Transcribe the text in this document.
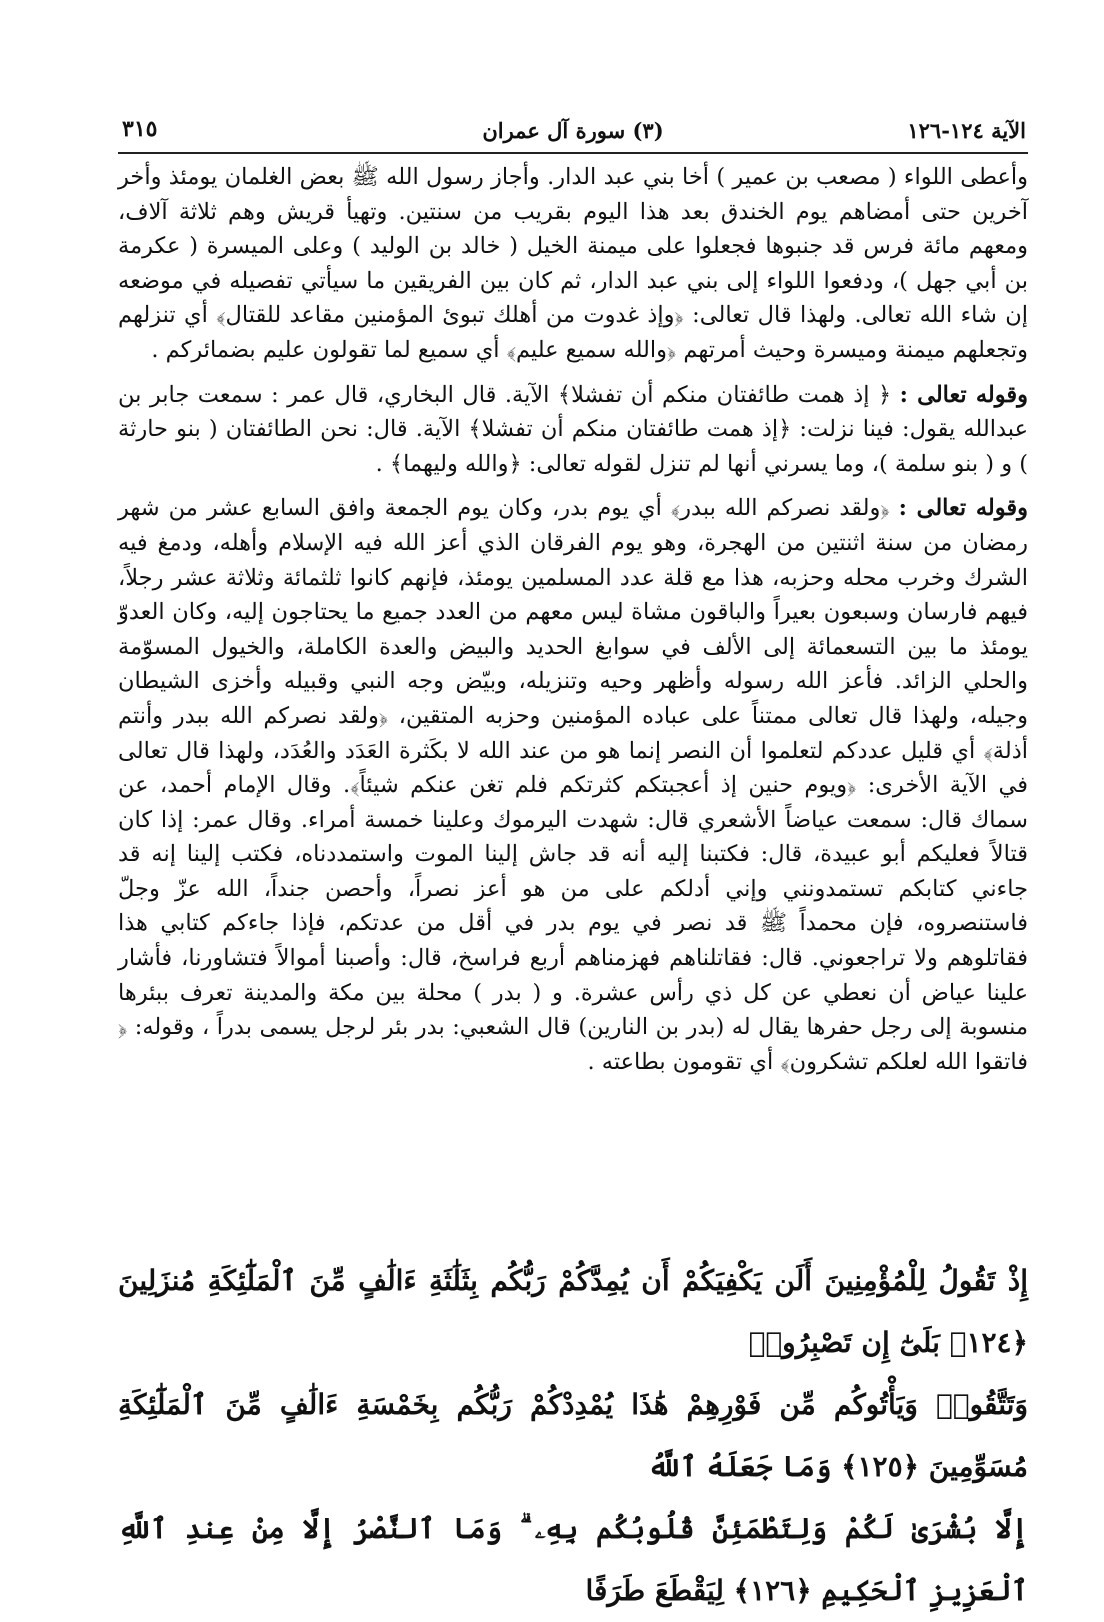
٣١٥	(٣) سورة آل عمران	الآية ١٢٤-١٢٦

وأعطى اللواء ( مصعب بن عمير ) أخا بني عبد الدار. وأجاز رسول الله ﷺ بعض الغلمان يومئذ وأخر آخرين حتى أمضاهم يوم الخندق بعد هذا اليوم بقريب من سنتين. وتهيأ قريش وهم ثلاثة آلاف، ومعهم مائة فرس قد جنبوها فجعلوا على ميمنة الخيل ( خالد بن الوليد ) وعلى الميسرة ( عكرمة بن أبي جهل )، ودفعوا اللواء إلى بني عبد الدار، ثم كان بين الفريقين ما سيأتي تفصيله في موضعه إن شاء الله تعالى. ولهذا قال تعالى: ﴿وإذ غدوت من أهلك تبوئ المؤمنين مقاعد للقتال﴾ أي تنزلهم وتجعلهم ميمنة وميسرة وحيث أمرتهم ﴿والله سميع عليم﴾ أي سميع لما تقولون عليم بضمائركم .

وقوله تعالى : ﴿ إذ همت طائفتان منكم أن تفشلا﴾ الآية. قال البخاري، قال عمر : سمعت جابر بن عبدالله يقول: فينا نزلت: ﴿إذ همت طائفتان منكم أن تفشلا﴾ الآية. قال: نحن الطائفتان ( بنو حارثة ) و ( بنو سلمة )، وما يسرني أنها لم تنزل لقوله تعالى: ﴿والله وليهما﴾ .

وقوله تعالى : ﴿ولقد نصركم الله ببدر﴾ أي يوم بدر، وكان يوم الجمعة وافق السابع عشر من شهر رمضان من سنة اثنتين من الهجرة، وهو يوم الفرقان الذي أعز الله فيه الإسلام وأهله، ودمغ فيه الشرك وخرب محله وحزبه، هذا مع قلة عدد المسلمين يومئذ، فإنهم كانوا ثلثمائة وثلاثة عشر رجلاً، فيهم فارسان وسبعون بعيراً والباقون مشاة ليس معهم من العدد جميع ما يحتاجون إليه، وكان العدوّ يومئذ ما بين التسعمائة إلى الألف في سوابغ الحديد والبيض والعدة الكاملة، والخيول المسوّمة والحلي الزائد. فأعز الله رسوله وأظهر وحيه وتنزيله، وبيّض وجه النبي وقبيله وأخزى الشيطان وجيله، ولهذا قال تعالى ممتناً على عباده المؤمنين وحزبه المتقين، ﴿ولقد نصركم الله ببدر وأنتم أذلة﴾ أي قليل عددكم لتعلموا أن النصر إنما هو من عند الله لا بكَثرة العَدَد والعُدَد، ولهذا قال تعالى في الآية الأخرى: ﴿ويوم حنين إذ أعجبتكم كثرتكم فلم تغن عنكم شيئاً﴾. وقال الإمام أحمد، عن سماك قال: سمعت عياضاً الأشعري قال: شهدت اليرموك وعلينا خمسة أمراء. وقال عمر: إذا كان قتالاً فعليكم أبو عبيدة، قال: فكتبنا إليه أنه قد جاش إلينا الموت واستمددناه، فكتب إلينا إنه قد جاءني كتابكم تستمدونني وإني أدلكم على من هو أعز نصراً، وأحصن جنداً، الله عزّ وجلّ فاستنصروه، فإن محمداً ﷺ قد نصر في يوم بدر في أقل من عدتكم، فإذا جاءكم كتابي هذا فقاتلوهم ولا تراجعوني. قال: فقاتلناهم فهزمناهم أربع فراسخ، قال: وأصبنا أموالاً فتشاورنا، فأشار علينا عياض أن نعطي عن كل ذي رأس عشرة. و ( بدر ) محلة بين مكة والمدينة تعرف ببئرها منسوبة إلى رجل حفرها يقال له (بدر بن النارين) قال الشعبي: بدر بئر لرجل يسمى بدراً ، وقوله: ﴿ فاتقوا الله لعلكم تشكرون﴾ أي تقومون بطاعته .

إِذْ تَقُولُ لِلْمُؤْمِنِينَ أَلَن يَكْفِيَكُمْ أَن يُمِدَّكُمْ رَبُّكُم بِثَلَٰثَةِ ءَالَٰفٍ مِّنَ ٱلْمَلَٰٓئِكَةِ مُنزَلِينَ ﴿١٢٤﴾ بَلَىٰٓ إِن تَصْبِرُوا۟
وَتَتَّقُوا۟ وَيَأْتُوكُم مِّن فَوْرِهِمْ هَٰذَا يُمْدِدْكُمْ رَبُّكُم بِخَمْسَةِ ءَالَٰفٍ مِّنَ ٱلْمَلَٰٓئِكَةِ مُسَوِّمِينَ ﴿١٢٥﴾ وَمَا جَعَلَهُ ٱللَّهُ
إِلَّا بُشْرَىٰ لَكُمْ وَلِتَطْمَئِنَّ قُلُوبُكُم بِهِۦ ۗ وَمَا ٱلنَّصْرُ إِلَّا مِنْ عِندِ ٱللَّهِ ٱلْعَزِيزِ ٱلْحَكِيمِ ﴿١٢٦﴾ لِيَقْطَعَ طَرَفًا
